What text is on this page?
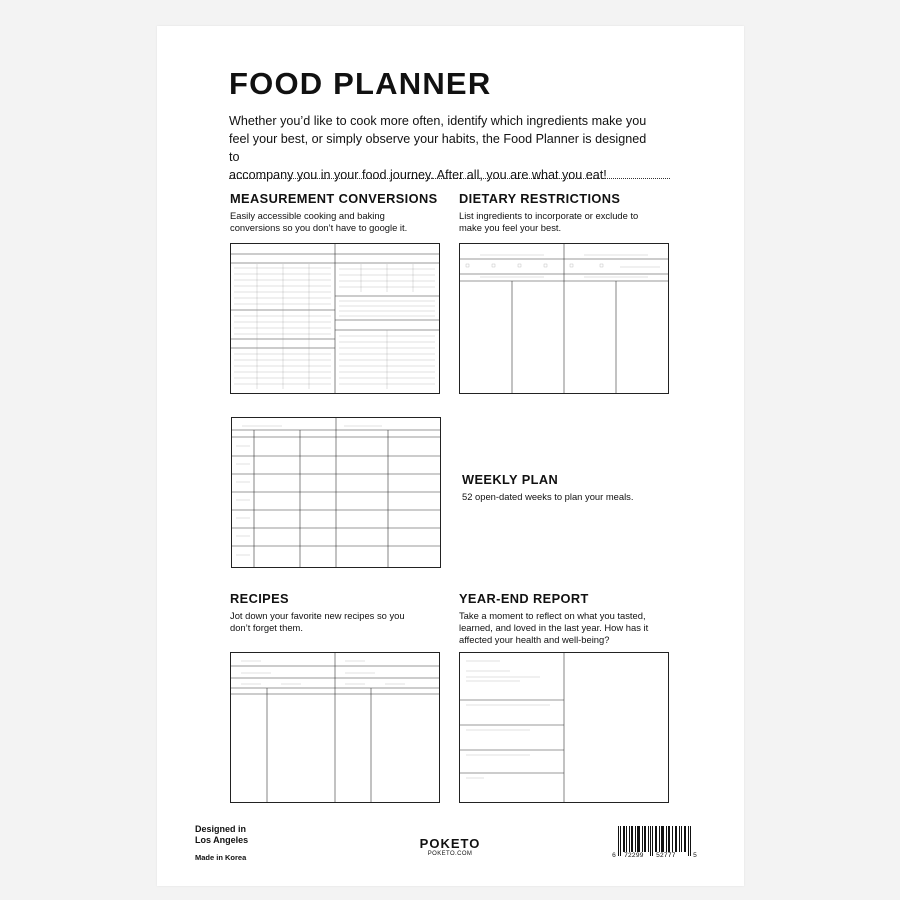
FOOD PLANNER
Whether you’d like to cook more often, identify which ingredients make you
feel your best, or simply observe your habits, the Food Planner is designed to
accompany you in your food journey. After all, you are what you eat!
MEASUREMENT CONVERSIONS
Easily accessible cooking and baking
conversions so you don’t have to google it.
DIETARY RESTRICTIONS
List ingredients to incorporate or exclude to
make you feel your best.
WEEKLY PLAN
52 open-dated weeks to plan your meals.
RECIPES
Jot down your favorite new recipes so you
don’t forget them.
YEAR-END REPORT
Take a moment to reflect on what you tasted,
learned, and loved in the last year. How has it
affected your health and well-being?
Designed in
Los Angeles
Made in Korea
POKETO
POKETO.COM	6 72299 52777	5
